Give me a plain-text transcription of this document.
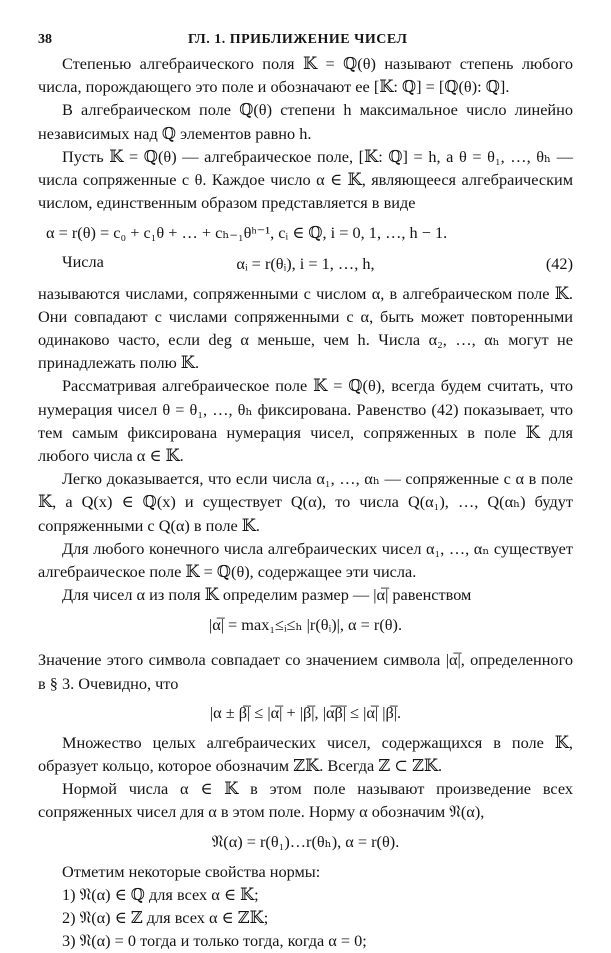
38	ГЛ. 1. ПРИБЛИЖЕНИЕ ЧИСЕЛ

Степенью алгебраического поля 𝕂 = ℚ(θ) называют степень любого числа, порождающего это поле и обозначают ее [𝕂: ℚ] = [ℚ(θ): ℚ].

В алгебраическом поле ℚ(θ) степени h максимальное число линейно независимых над ℚ элементов равно h.

Пусть 𝕂 = ℚ(θ) — алгебраическое поле, [𝕂: ℚ] = h, а θ = θ₁, …, θₕ — числа сопряженные с θ. Каждое число α ∈ 𝕂, являющееся алгебраическим числом, единственным образом представляется в виде

α = r(θ) = c₀ + c₁θ + … + cₕ₋₁θʰ⁻¹, cᵢ ∈ ℚ, i = 0, 1, …, h − 1.

Числа	αᵢ = r(θᵢ), i = 1, …, h,	(42)

называются числами, сопряженными с числом α, в алгебраическом поле 𝕂. Они совпадают с числами сопряженными с α, быть может повторенными одинаково часто, если deg α меньше, чем h. Числа α₂, …, αₕ могут не принадлежать полю 𝕂.

Рассматривая алгебраическое поле 𝕂 = ℚ(θ), всегда будем считать, что нумерация чисел θ = θ₁, …, θₕ фиксирована. Равенство (42) показывает, что тем самым фиксирована нумерация чисел, сопряженных в поле 𝕂 для любого числа α ∈ 𝕂.

Легко доказывается, что если числа α₁, …, αₕ — сопряженные с α в поле 𝕂, а Q(x) ∈ ℚ(x) и существует Q(α), то числа Q(α₁), …, Q(αₕ) будут сопряженными с Q(α) в поле 𝕂.

Для любого конечного числа алгебраических чисел α₁, …, αₙ существует алгебраическое поле 𝕂 = ℚ(θ), содержащее эти числа.

Для чисел α из поля 𝕂 определим размер — |α̅| равенством

|α̅| = max₁≤ᵢ≤ₕ |r(θᵢ)|, α = r(θ).

Значение этого символа совпадает со значением символа |α̅|, определенного в § 3. Очевидно, что

|α ± β̅| ≤ |α̅| + |β̅|, |α̅β̅| ≤ |α̅| |β̅|.

Множество целых алгебраических чисел, содержащихся в поле 𝕂, образует кольцо, которое обозначим ℤ𝕂. Всегда ℤ ⊂ ℤ𝕂.

Нормой числа α ∈ 𝕂 в этом поле называют произведение всех сопряженных чисел для α в этом поле. Норму α обозначим 𝔑(α),

𝔑(α) = r(θ₁)…r(θₕ), α = r(θ).

Отметим некоторые свойства нормы:

1) 𝔑(α) ∈ ℚ для всех α ∈ 𝕂;
2) 𝔑(α) ∈ ℤ для всех α ∈ ℤ𝕂;
3) 𝔑(α) = 0 тогда и только тогда, когда α = 0;
